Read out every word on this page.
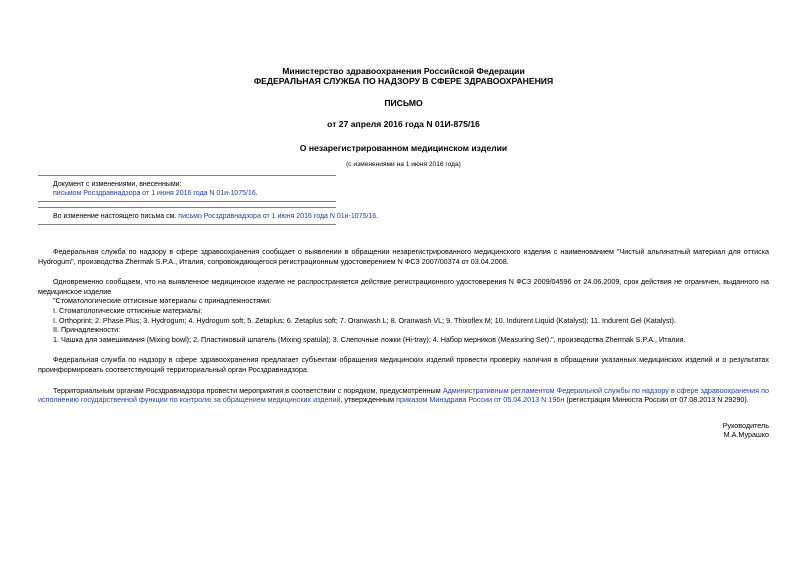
Министерство здравоохранения Российской Федерации
ФЕДЕРАЛЬНАЯ СЛУЖБА ПО НАДЗОРУ В СФЕРЕ ЗДРАВООХРАНЕНИЯ
ПИСЬМО
от 27 апреля 2016 года N 01И-875/16
О незарегистрированном медицинском изделии
(с изменениями на 1 июня 2016 года)
Документ с изменениями, внесенными:
письмом Росздравнадзора от 1 июня 2016 года N 01и-1075/16.
Во изменение настоящего письма см. письмо Росздравнадзора от 1 июня 2016 года N 01и-1075/16.

Федеральная служба по надзору в сфере здравоохранения сообщает о выявлении в обращении незарегистрированного медицинского изделия с наименованием "Чистый альгинатный материал для оттиска Hydrogum", производства Zhermak S.P.A., Италия, сопровождающегося регистрационным удостоверением N ФСЗ 2007/00374 от 03.04.2008.

Одновременно сообщаем, что на выявленное медицинское изделие не распространяется действие регистрационного удостоверения N ФСЗ 2009/04596 от 24.06.2009, срок действия не ограничен, выданного на медицинское изделие

"Стоматологические оттискные материалы с принадлежностями:

I. Стоматологические оттискные материалы:

I. Orthoprint; 2. Phase Plus; 3. Hydrogum; 4. Hydrogum soft; 5. Zetaplus; 6. Zetaplus soft; 7. Oranwash L; 8. Oranwash VL; 9. Thixoflex M; 10. Indurent Liquid (Katalyst); 11. Indurent Gel (Katalyst).

II. Принадлежности:

1. Чашка для замешивания (Mixing bowl); 2. Пластиковый шпатель (Mixing spatula); 3. Слепочные ложки (Hi-tray); 4. Набор мерников (Measuring Set).", производства Zhermak S.P.A., Италия.

Федеральная служба по надзору в сфере здравоохранения предлагает субъектам обращения медицинских изделий провести проверку наличия в обращении указанных медицинских изделий и о результатах проинформировать соответствующий территориальный орган Росздравнадзора.

Территориальным органам Росздравнадзора провести мероприятия в соответствии с порядком, предусмотренным Административным регламентом Федеральной службы по надзору в сфере здравоохранения по исполнению государственной функции по контролю за обращением медицинских изделий, утвержденным приказом Минздрава России от 05.04.2013 N 196н (регистрация Минюста России от 07.08.2013 N 29290).

Руководитель
М.А.Мурашко
